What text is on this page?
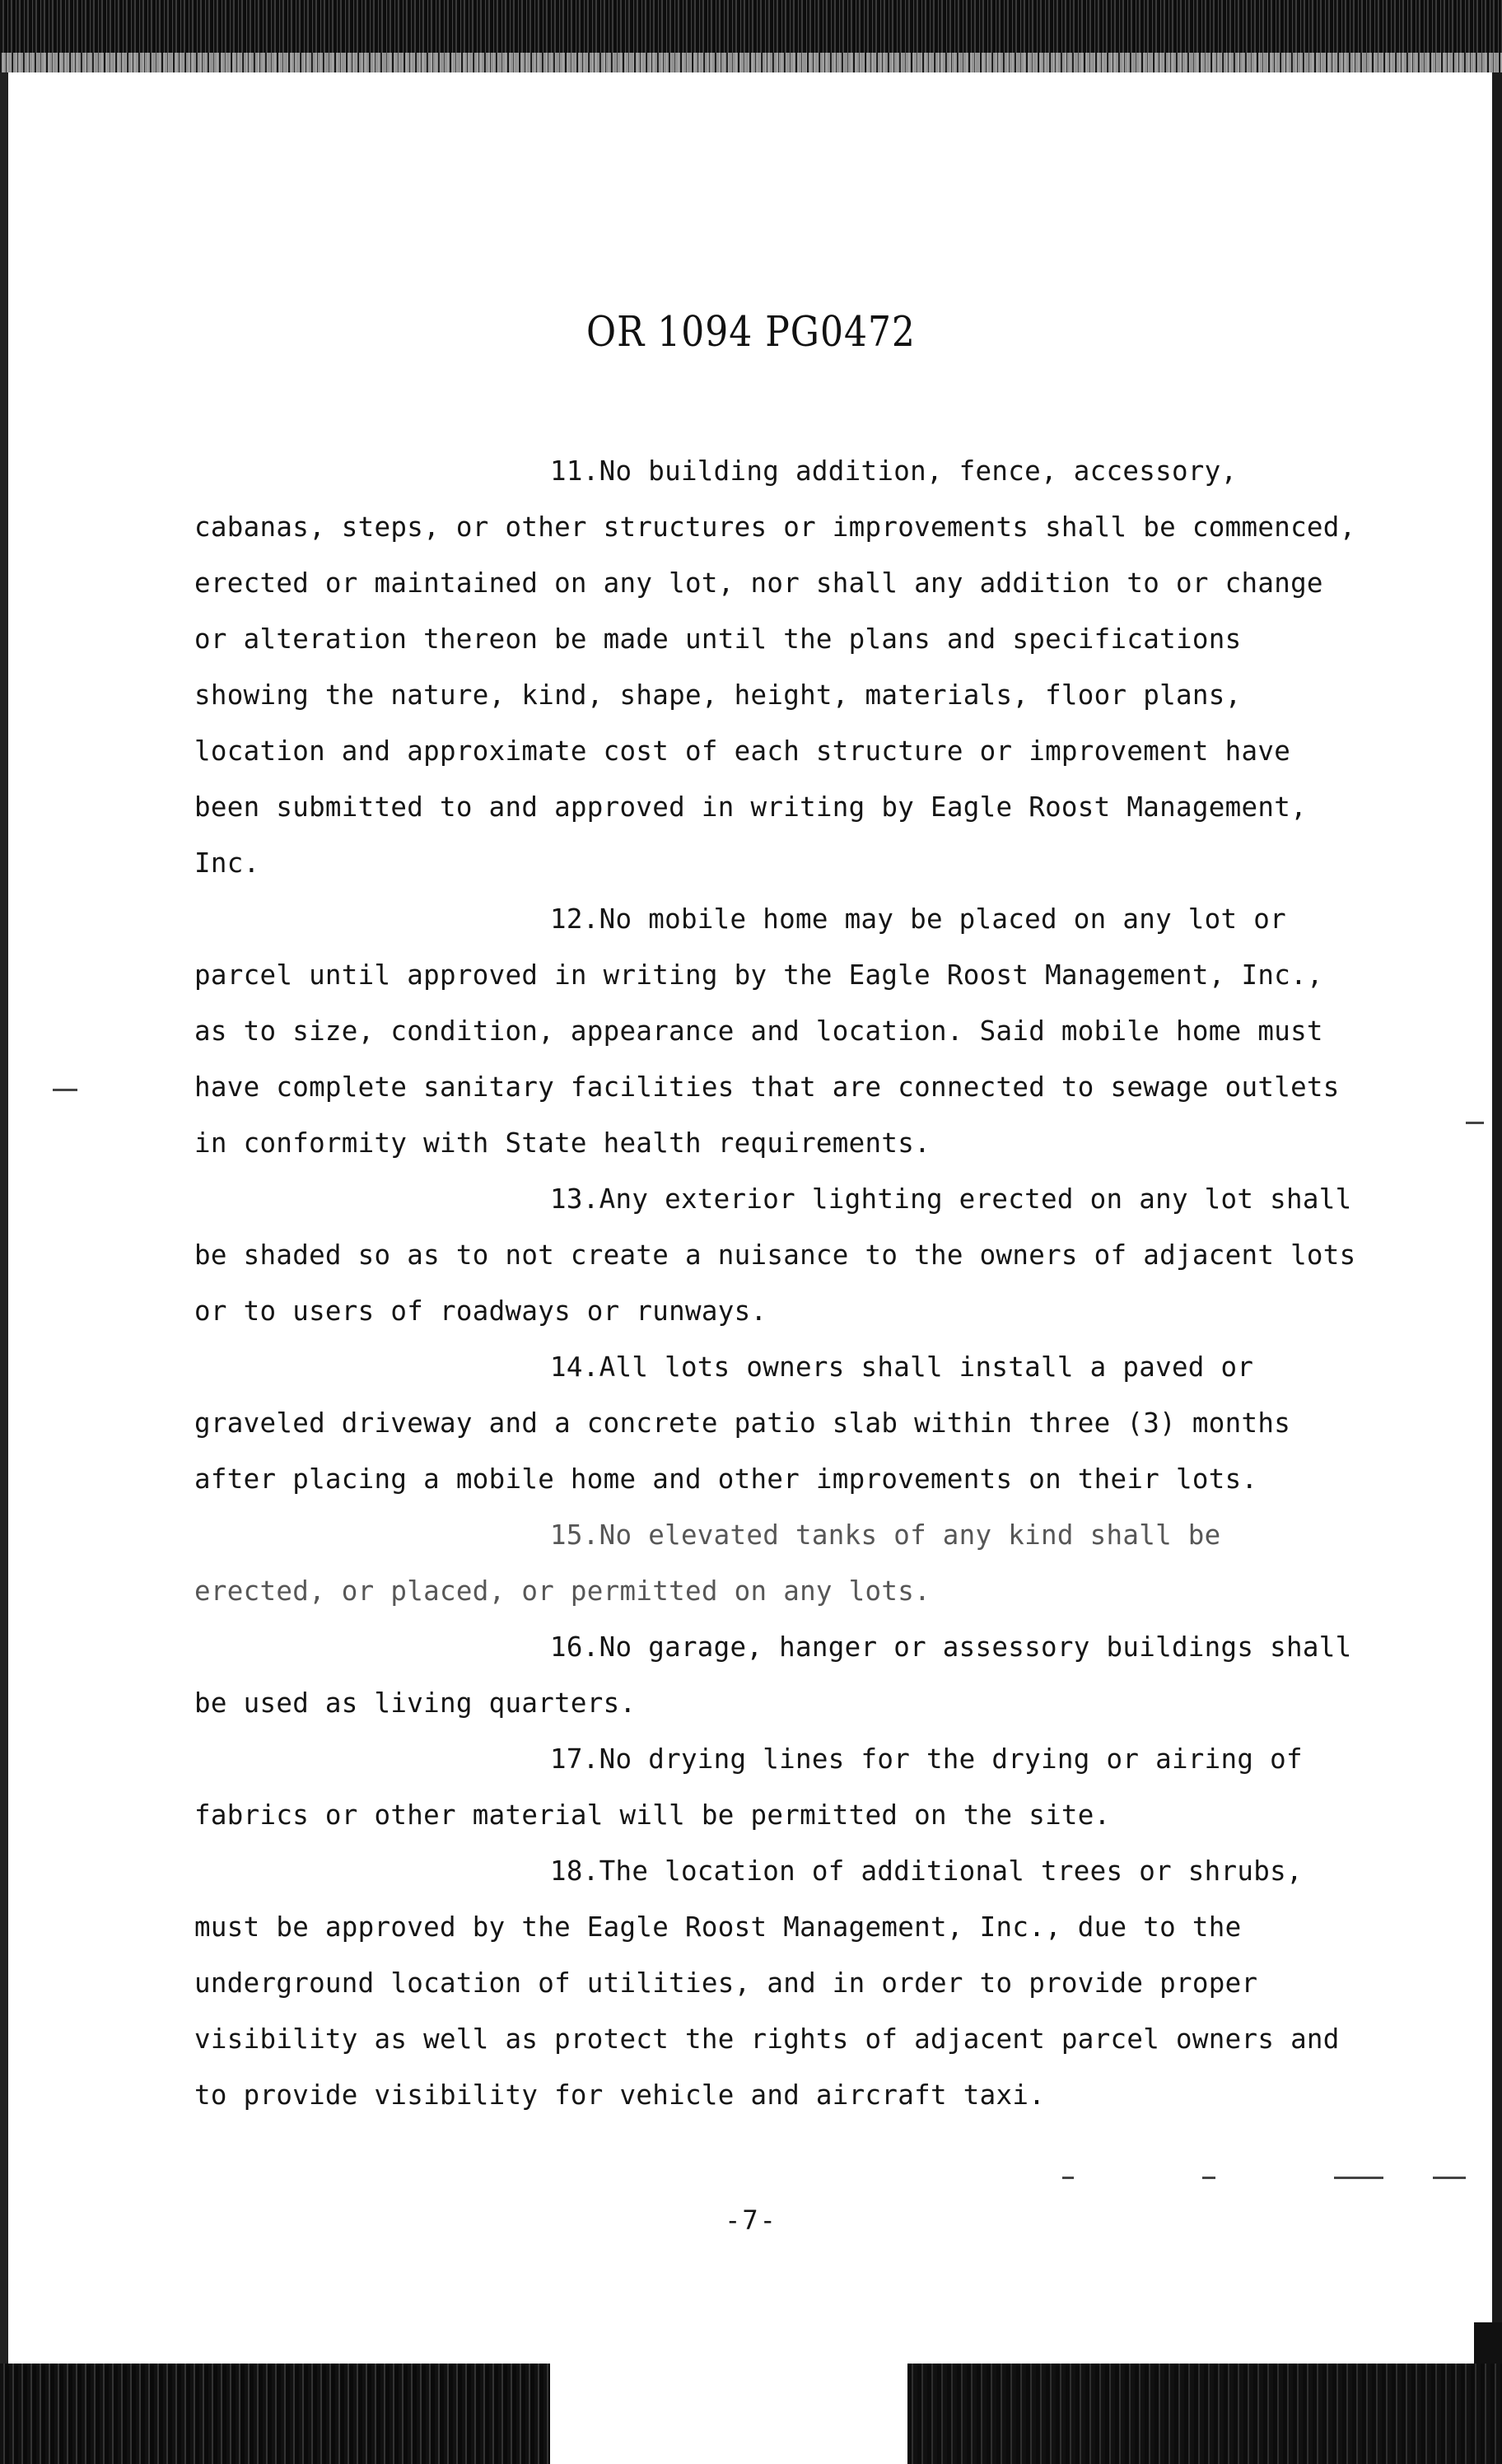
OR 1094 PG0472

11.No building addition, fence, accessory, cabanas, steps, or other structures or improvements shall be commenced, erected or maintained on any lot, nor shall any addition to or change or alteration thereon be made until the plans and specifications showing the nature, kind, shape, height, materials, floor plans, location and approximate cost of each structure or improvement have been submitted to and approved in writing by Eagle Roost Management, Inc.

12.No mobile home may be placed on any lot or parcel until approved in writing by the Eagle Roost Management, Inc., as to size, condition, appearance and location. Said mobile home must have complete sanitary facilities that are connected to sewage outlets in conformity with State health requirements.

13.Any exterior lighting erected on any lot shall be shaded so as to not create a nuisance to the owners of adjacent lots or to users of roadways or runways.

14.All lots owners shall install a paved or graveled driveway and a concrete patio slab within three (3) months after placing a mobile home and other improvements on their lots.

15.No elevated tanks of any kind shall be erected, or placed, or permitted on any lots.

16.No garage, hanger or assessory buildings shall be used as living quarters.

17.No drying lines for the drying or airing of fabrics or other material will be permitted on the site.

18.The location of additional trees or shrubs, must be approved by the Eagle Roost Management, Inc., due to the underground location of utilities, and in order to provide proper visibility as well as protect the rights of adjacent parcel owners and to provide visibility for vehicle and aircraft taxi.

-7-
